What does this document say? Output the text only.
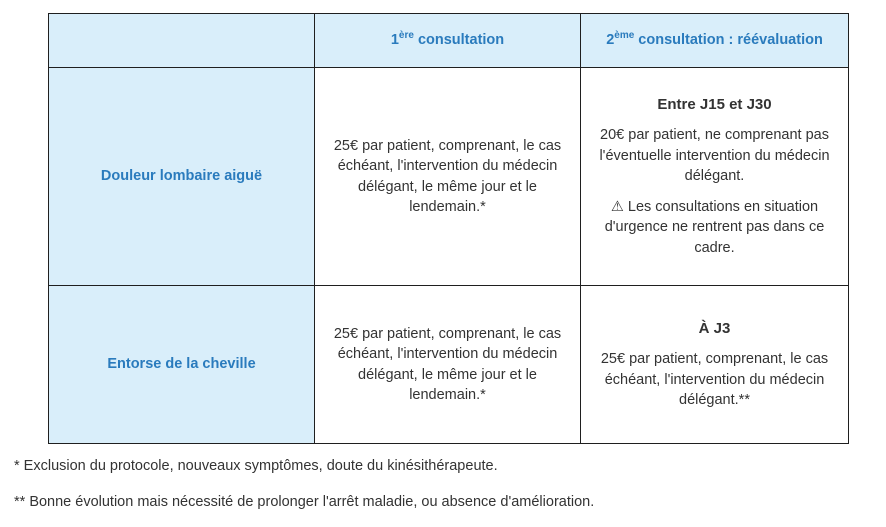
	1ère consultation	2ème consultation : réévaluation
Douleur lombaire aiguë	25€ par patient, comprenant, le cas échéant, l'intervention du médecin délégant, le même jour et le lendemain.*	Entre J15 et J30
20€ par patient, ne comprenant pas l'éventuelle intervention du médecin délégant.
⚠ Les consultations en situation d'urgence ne rentrent pas dans ce cadre.

Entorse de la cheville	25€ par patient, comprenant, le cas échéant, l'intervention du médecin délégant, le même jour et le lendemain.*	À J3
25€ par patient, comprenant, le cas échéant, l'intervention du médecin délégant.**
* Exclusion du protocole, nouveaux symptômes, doute du kinésithérapeute.
** Bonne évolution mais nécessité de prolonger l'arrêt maladie, ou absence d'amélioration.
